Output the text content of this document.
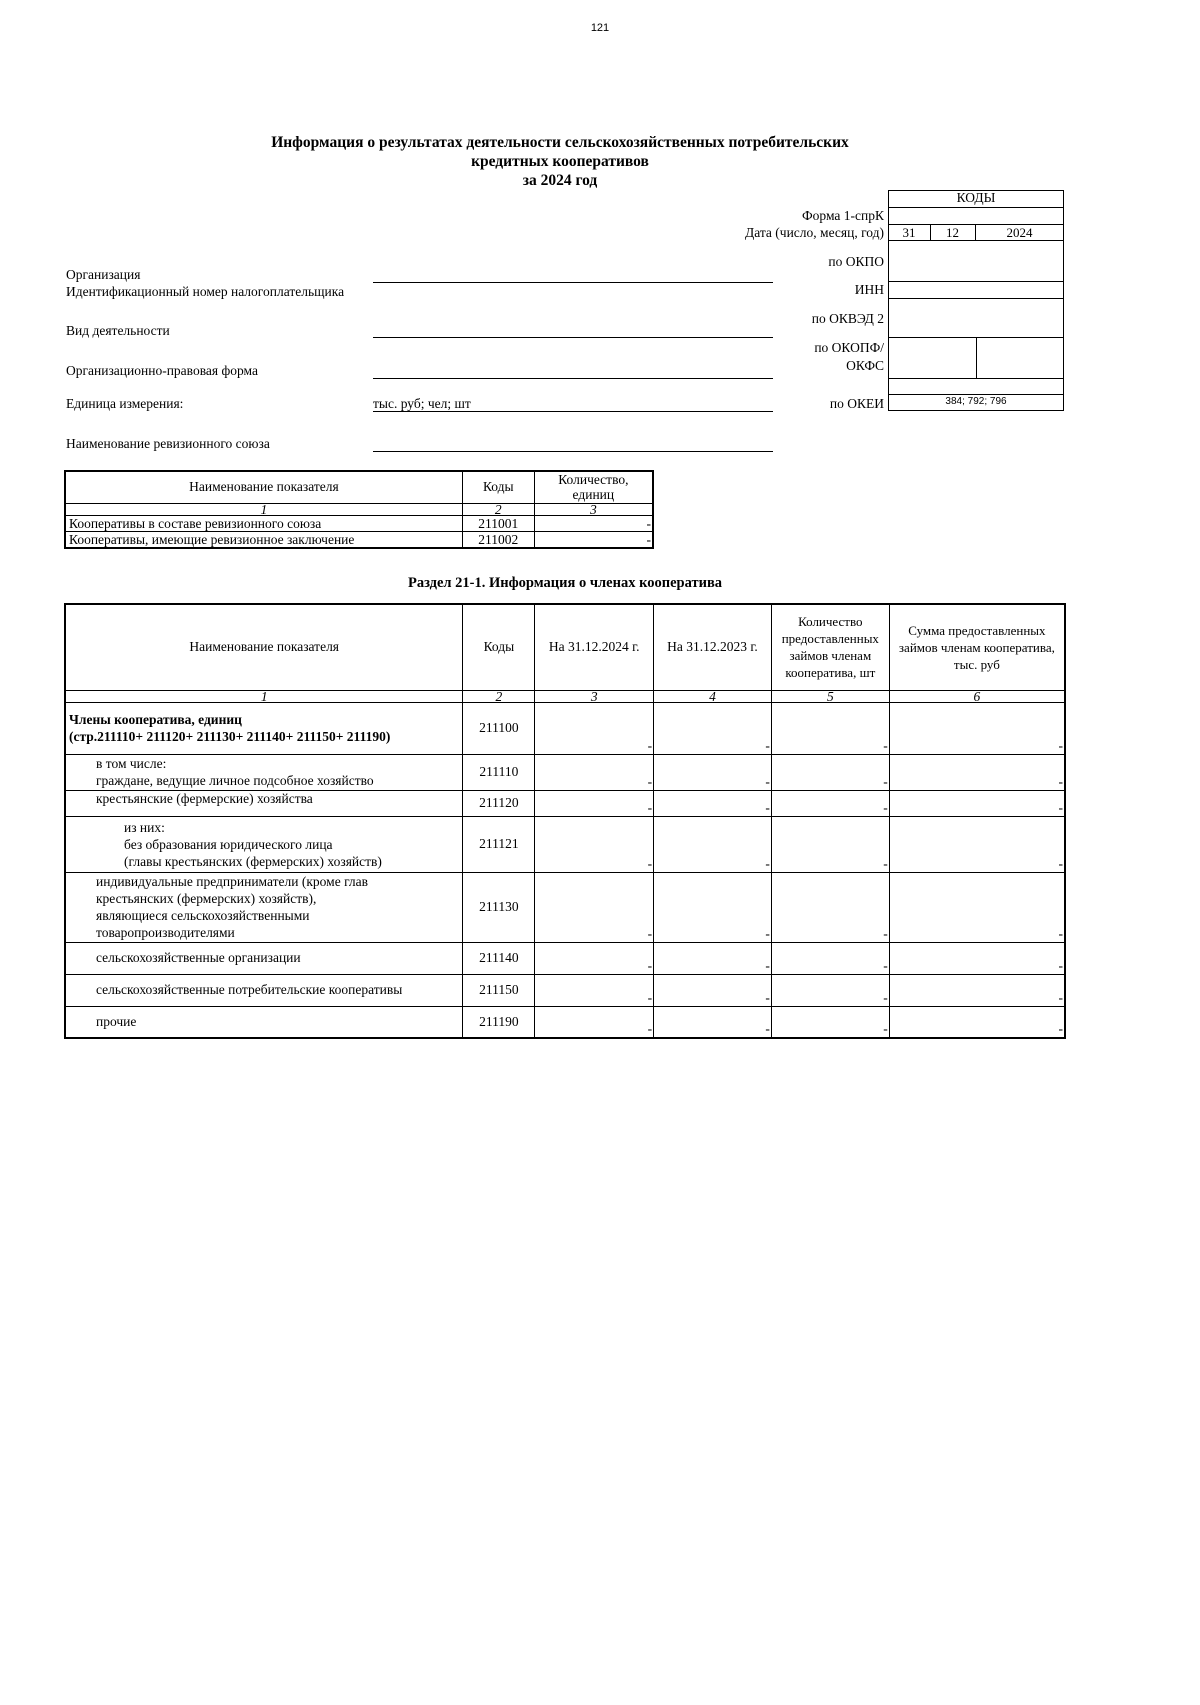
121
Информация о результатах деятельности сельскохозяйственных потребительских
кредитных кооперативов
за 2024 год
КОДЫ
31	12	2024
384; 792; 796
Форма 1-спрК
Дата (число, месяц, год)
по ОКПО
ИНН
по ОКВЭД 2
по ОКОПФ/
ОКФС
по ОКЕИ
Организация
Идентификационный номер налогоплательщика
Вид деятельности
Организационно-правовая форма
Единица измерения:	тыс. руб; чел; шт
Наименование ревизионного союза
Наименование показателя	Коды	Количество, единиц
1	2	3
Кооперативы в составе ревизионного союза	211001	-
Кооперативы, имеющие ревизионное заключение	211002	-
Раздел 21-1. Информация о членах кооператива
Наименование показателя	Коды	На 31.12.2024 г.	На 31.12.2023 г.	Количество предоставленных займов членам кооператива, шт	Сумма предоставленных займов членам кооператива, тыс. руб
1	2	3	4	5	6

Члены кооператива, единиц
(стр.211110+ 211120+ 211130+ 211140+ 211150+ 211190)	211100	-	-	-	-

в том числе:
граждане, ведущие личное подсобное хозяйство	211110	-	-	-	-
крестьянские (фермерские) хозяйства	211120	-	-	-	-

из них:
без образования юридического лица
(главы крестьянских (фермерских) хозяйств)	211121	-	-	-	-

индивидуальные предприниматели (кроме глав
крестьянских (фермерских) хозяйств),
являющиеся сельскохозяйственными
товаропроизводителями	211130	-	-	-	-
сельскохозяйственные организации	211140	-	-	-	-
сельскохозяйственные потребительские кооперативы	211150	-	-	-	-
прочие	211190	-	-	-	-
